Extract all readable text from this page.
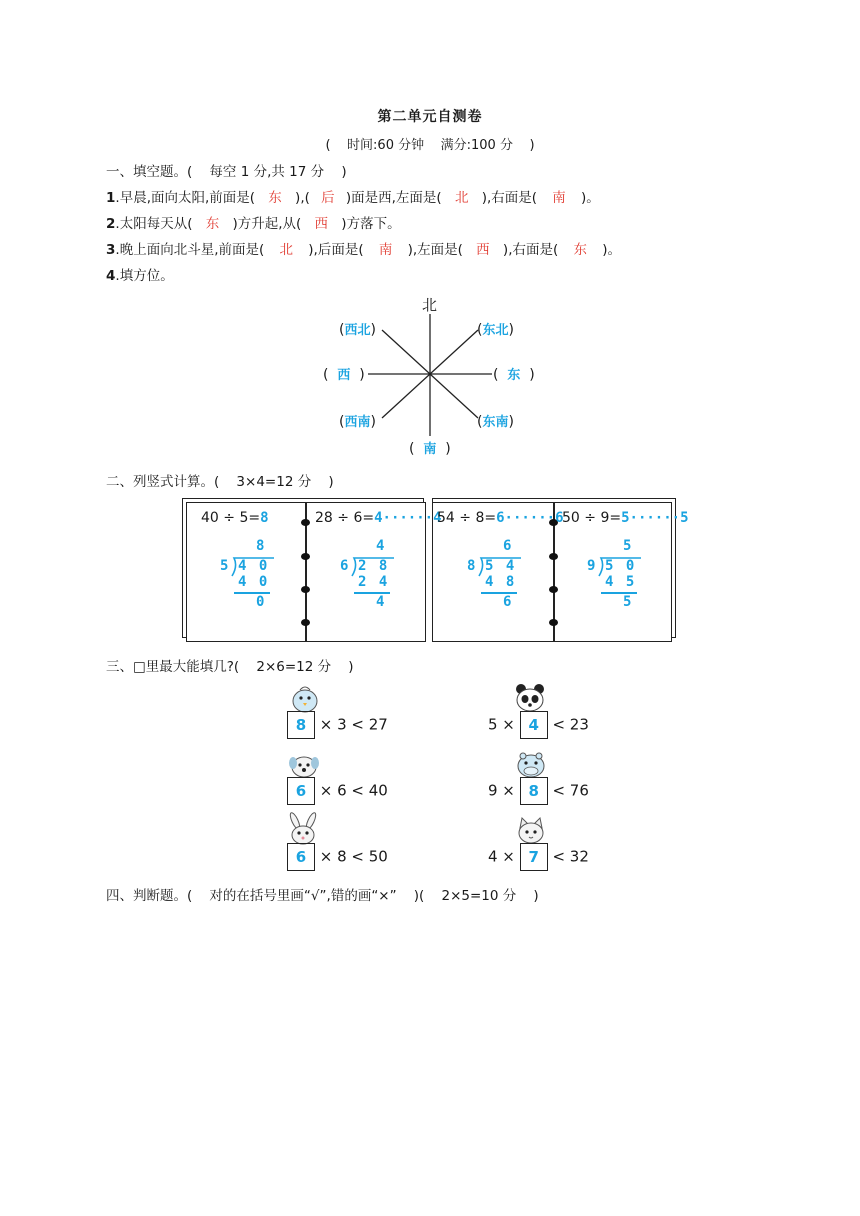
第二单元自测卷
(    时间:60 分钟    满分:100 分    )
一、填空题。(    每空 1 分,共 17 分    )
1.早晨,面向太阳,前面是( 东 ),( 后 )面是西,左面是( 北 ),右面是( 南 )。
2.太阳每天从( 东 )方升起,从( 西 )方落下。
3.晚上面向北斗星,前面是( 北 ),后面是( 南 ),左面是( 西 ),右面是( 东 )。
4.填方位。
北
(西北)	(东北)
(  西  )	(  东  )
(西南)	(东南)
(  南  )
二、列竖式计算。(    3×4=12 分    )
40 ÷ 5=8
8
5 4 0
4 0
0
28 ÷ 6=4······4
4
6 2 8
2 4
4
54 ÷ 8=6······6
6
8 5 4
4 8
6
50 ÷ 9=5······5
5
9 5 0
4 5
5
三、□里最大能填几?(    2×6=12 分    )
8 × 3 < 27	5 × 4 < 23
6 × 6 < 40	9 × 8 < 76
6 × 8 < 50	4 × 7 < 32
四、判断题。(    对的在括号里画“√”,错的画“×”    )(    2×5=10 分    )
